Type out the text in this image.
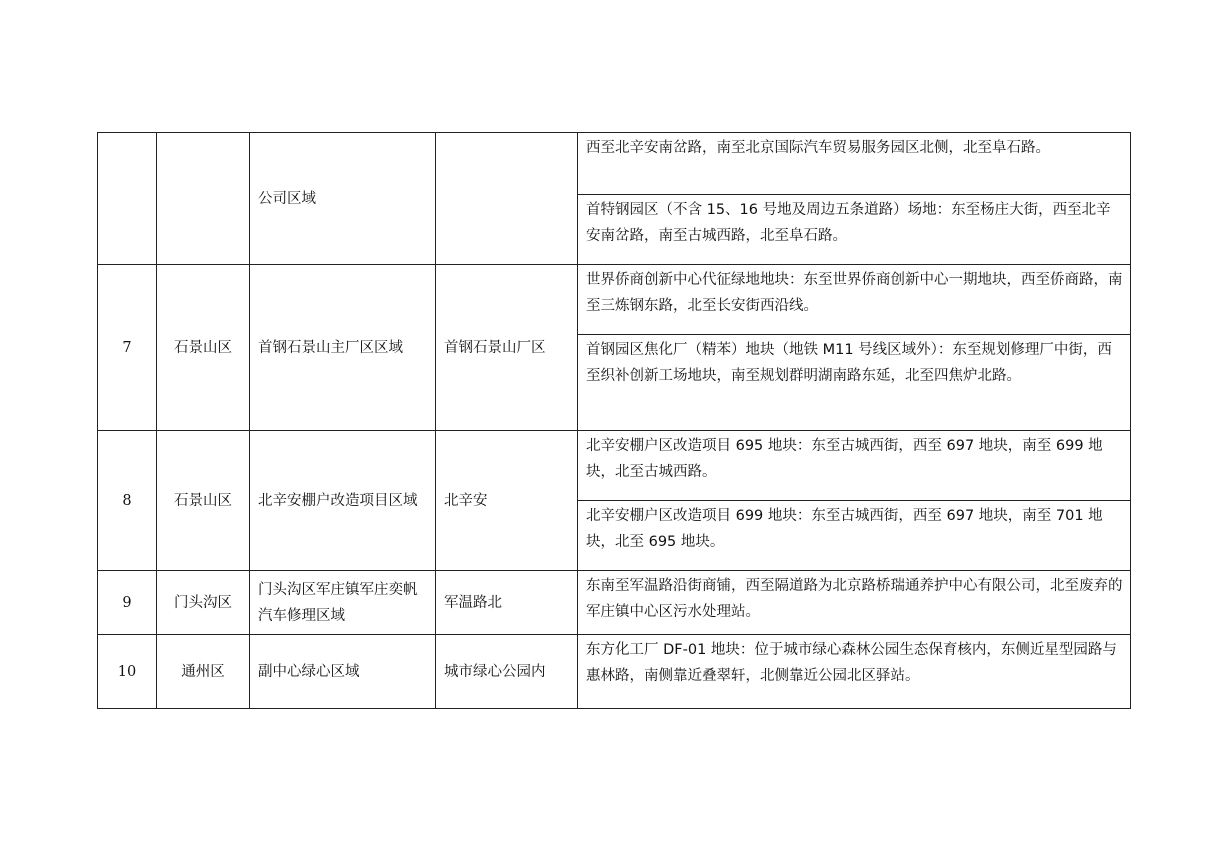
		公司区域		西至北辛安南岔路，南至北京国际汽车贸易服务园区北侧，北至阜石路。
				首特钢园区（不含 15、16 号地及周边五条道路）场地：东至杨庄大街，西至北辛安南岔路，南至古城西路，北至阜石路。
7	石景山区	首钢石景山主厂区区域	首钢石景山厂区	世界侨商创新中心代征绿地地块：东至世界侨商创新中心一期地块，西至侨商路，南至三炼钢东路，北至长安街西沿线。
				首钢园区焦化厂（精苯）地块（地铁 M11 号线区域外）：东至规划修理厂中街，西至织补创新工场地块，南至规划群明湖南路东延，北至四焦炉北路。
8	石景山区	北辛安棚户改造项目区域	北辛安	北辛安棚户区改造项目 695 地块：东至古城西街，西至 697 地块，南至 699 地块，北至古城西路。
				北辛安棚户区改造项目 699 地块：东至古城西街，西至 697 地块，南至 701 地块，北至 695 地块。
9	门头沟区	门头沟区军庄镇军庄奕帆汽车修理区域	军温路北	东南至军温路沿街商铺，西至隔道路为北京路桥瑞通养护中心有限公司，北至废弃的军庄镇中心区污水处理站。
10	通州区	副中心绿心区域	城市绿心公园内	东方化工厂 DF-01 地块：位于城市绿心森林公园生态保育核内，东侧近星型园路与惠林路，南侧靠近叠翠轩，北侧靠近公园北区驿站。
